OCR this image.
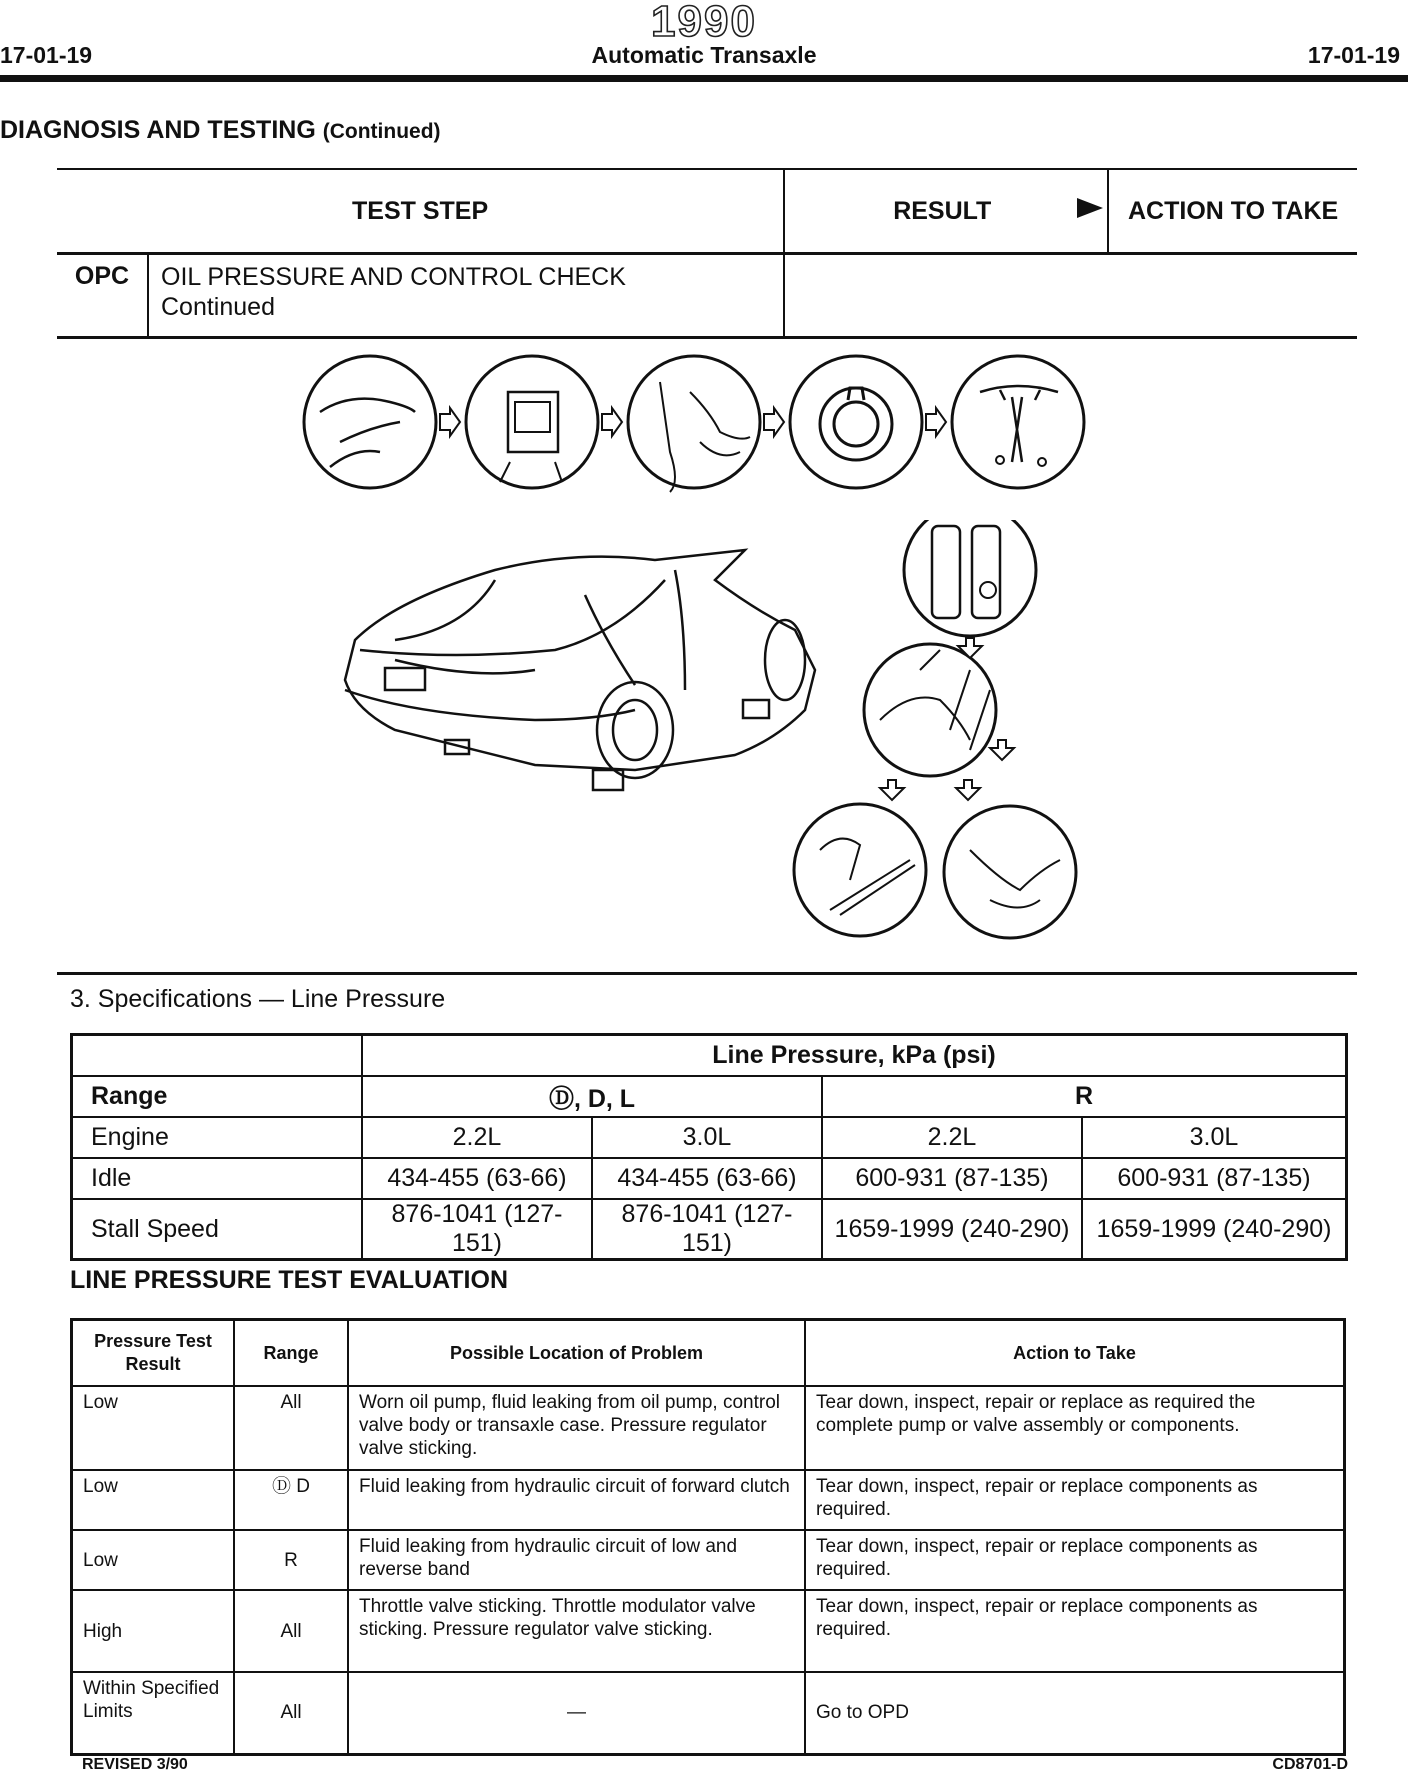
1990
17-01-19	Automatic Transaxle	17-01-19
DIAGNOSIS AND TESTING (Continued)
TEST STEP		RESULT	ACTION TO TAKE
OPC	OIL PRESSURE AND CONTROL CHECK
Continued		

3. Specifications — Line Pressure
	Line Pressure, kPa (psi)			
Range	Ⓓ, D, L		R	
Engine	2.2L	3.0L	2.2L	3.0L
Idle	434-455 (63-66)	434-455 (63-66)	600-931 (87-135)	600-931 (87-135)
Stall Speed	876-1041 (127-151)	876-1041 (127-151)	1659-1999 (240-290)	1659-1999 (240-290)
LINE PRESSURE TEST EVALUATION
Pressure Test Result	Range	Possible Location of Problem	Action to Take
Low	All	Worn oil pump, fluid leaking from oil pump, control valve body or transaxle case. Pressure regulator valve sticking.	Tear down, inspect, repair or replace as required the complete pump or valve assembly or components.
Low	Ⓓ D	Fluid leaking from hydraulic circuit of forward clutch	Tear down, inspect, repair or replace components as required.
Low	R	Fluid leaking from hydraulic circuit of low and reverse band	Tear down, inspect, repair or replace components as required.
High	All	Throttle valve sticking. Throttle modulator valve sticking. Pressure regulator valve sticking.	Tear down, inspect, repair or replace components as required.
Within Specified Limits	All	—	Go to OPD
REVISED 3/90	CD8701-D
